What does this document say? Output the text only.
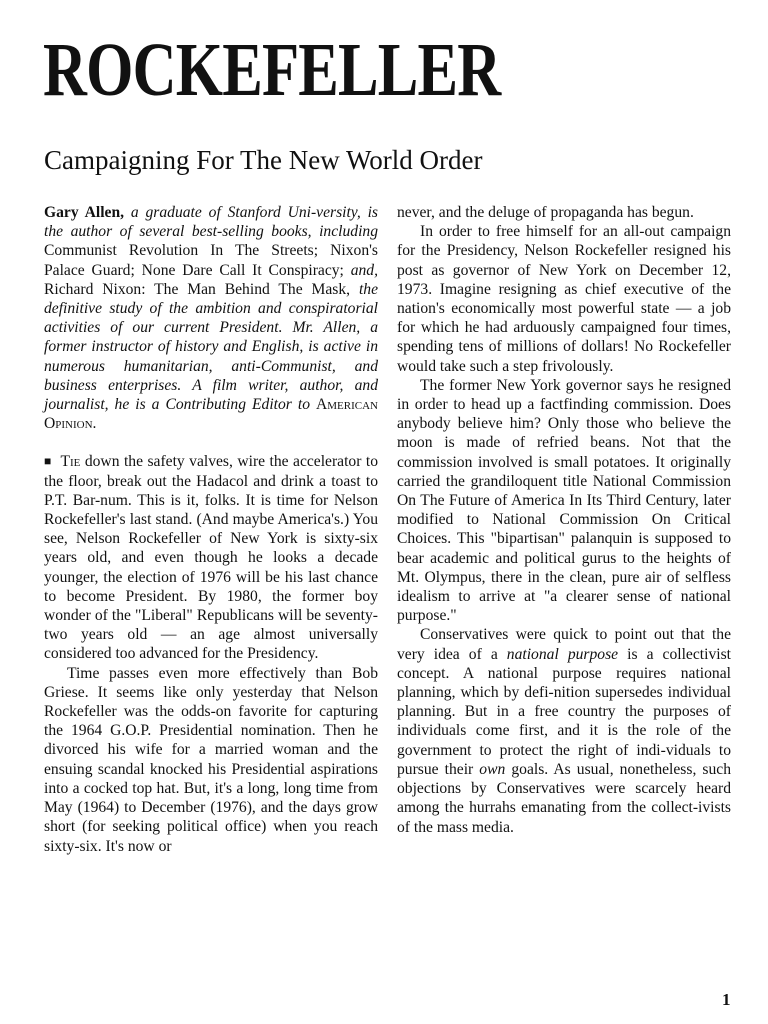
ROCKEFELLER
Campaigning For The New World Order

Gary Allen, a graduate of Stanford Uni-versity, is the author of several best-selling books, including Communist Revolution In The Streets; Nixon's Palace Guard; None Dare Call It Conspiracy; and, Richard Nixon: The Man Behind The Mask, the definitive study of the ambition and conspiratorial activities of our current President. Mr. Allen, a former instructor of history and English, is active in numerous humanitarian, anti-Communist, and business enterprises. A film writer, author, and journalist, he is a Contributing Editor to American Opinion.

■ Tie down the safety valves, wire the accelerator to the floor, break out the Hadacol and drink a toast to P.T. Bar-num. This is it, folks. It is time for Nelson Rockefeller's last stand. (And maybe America's.) You see, Nelson Rockefeller of New York is sixty-six years old, and even though he looks a decade younger, the election of 1976 will be his last chance to become President. By 1980, the former boy wonder of the "Liberal" Republicans will be seventy-two years old — an age almost universally considered too advanced for the Presidency.

Time passes even more effectively than Bob Griese. It seems like only yesterday that Nelson Rockefeller was the odds-on favorite for capturing the 1964 G.O.P. Presidential nomination. Then he divorced his wife for a married woman and the ensuing scandal knocked his Presidential aspirations into a cocked top hat. But, it's a long, long time from May (1964) to December (1976), and the days grow short (for seeking political office) when you reach sixty-six. It's now or

never, and the deluge of propaganda has begun.

In order to free himself for an all-out campaign for the Presidency, Nelson Rockefeller resigned his post as governor of New York on December 12, 1973. Imagine resigning as chief executive of the nation's economically most powerful state — a job for which he had arduously campaigned four times, spending tens of millions of dollars! No Rockefeller would take such a step frivolously.

The former New York governor says he resigned in order to head up a factfinding commission. Does anybody believe him? Only those who believe the moon is made of refried beans. Not that the commission involved is small potatoes. It originally carried the grandiloquent title National Commission On The Future of America In Its Third Century, later modified to National Commission On Critical Choices. This "bipartisan" palanquin is supposed to bear academic and political gurus to the heights of Mt. Olympus, there in the clean, pure air of selfless idealism to arrive at "a clearer sense of national purpose."

Conservatives were quick to point out that the very idea of a national purpose is a collectivist concept. A national purpose requires national planning, which by defi-nition supersedes individual planning. But in a free country the purposes of individuals come first, and it is the role of the government to protect the right of indi-viduals to pursue their own goals. As usual, nonetheless, such objections by Conservatives were scarcely heard among the hurrahs emanating from the collect-ivists of the mass media.

1
